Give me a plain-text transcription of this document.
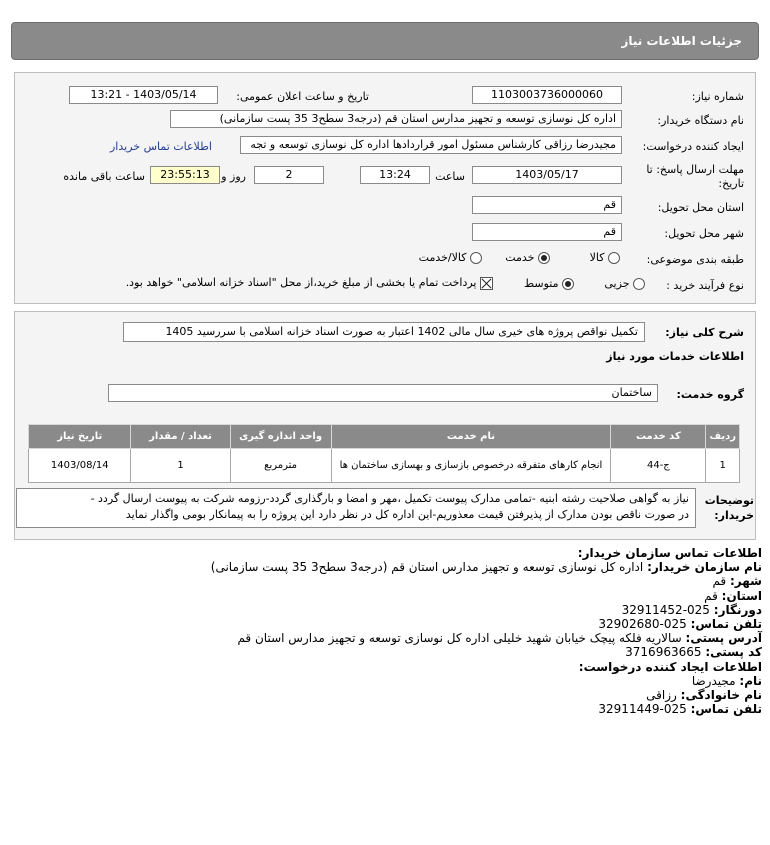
جزئیات اطلاعات نیاز
شماره نیاز:
1103003736000060
تاریخ و ساعت اعلان عمومی:
1403/05/14 - 13:21
نام دستگاه خریدار:
اداره کل نوسازی توسعه و تجهیز مدارس استان قم (درجه3 سطح3 35 پست سازمانی)
ایجاد کننده درخواست:
مجیدرضا رزاقی کارشناس مسئول امور قراردادها اداره کل نوسازی توسعه و تجه
اطلاعات تماس خریدار
مهلت ارسال پاسخ: تا تاریخ:
1403/05/17
ساعت
13:24
2
روز و
23:55:13
ساعت باقی مانده
استان محل تحویل:
قم
شهر محل تحویل:
قم
طبقه بندی موضوعی:
کالا
خدمت
کالا/خدمت
نوع فرآیند خرید :
جزیی
متوسط
پرداخت تمام یا بخشی از مبلغ خرید،از محل "اسناد خزانه اسلامی" خواهد بود.
شرح کلی نیاز:
تکمیل نواقص پروژه های خیری سال مالی 1402 اعتبار به صورت اسناد خزانه اسلامی با سررسید 1405
اطلاعات خدمات مورد نیاز
گروه خدمت:
ساختمان
ردیف	کد خدمت	نام خدمت	واحد اندازه گیری	تعداد / مقدار	تاریخ نیاز
1	ج-44	انجام کارهای متفرقه درخصوص بازسازی و بهسازی ساختمان ها	مترمربع	1	1403/08/14
توضیحات خریدار:
نیاز به گواهی صلاحیت رشته ابنیه -تمامی مدارک پیوست تکمیل ،مهر و امضا و بارگذاری گردد-رزومه شرکت به پیوست ارسال گردد -
در صورت ناقص بودن مدارک از پذیرفتن قیمت معذوریم-این اداره کل در نظر دارد این پروژه را به پیمانکار بومی واگذار نماید
اطلاعات تماس سازمان خریدار:
نام سازمان خریدار: اداره کل نوسازی توسعه و تجهیز مدارس استان قم (درجه3 سطح3 35 پست سازمانی)
شهر: قم
استان: قم
دورنگار: 025-32911452
تلفن تماس: 025-32902680
آدرس پستی: سالاریه فلکه پیچک خیابان شهید خلیلی اداره کل نوسازی توسعه و تجهیز مدارس استان قم
کد پستی: 3716963665
اطلاعات ایجاد کننده درخواست:
نام: مجیدرضا
نام خانوادگی: رزاقی
تلفن تماس: 025-32911449
